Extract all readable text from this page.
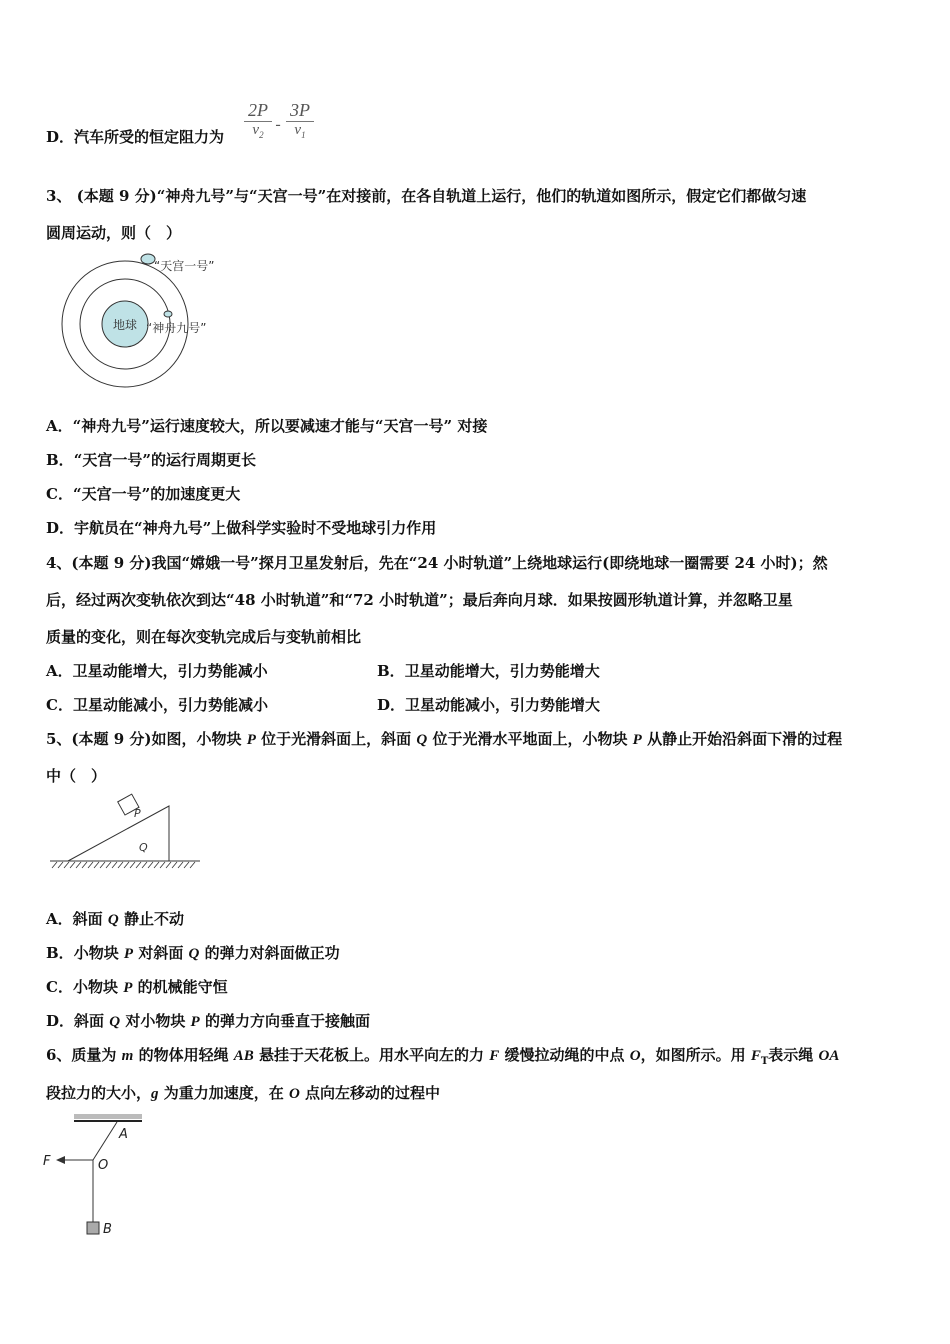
D．汽车所受的恒定阻力为
2P
$v_2$
-
3P
$v_1$
3、 (本题 9 分)“神舟九号”与“天宫一号”在对接前，在各自轨道上运行，他们的轨道如图所示，假定它们都做匀速
圆周运动，则（　）
地球
“天宫一号”
“神舟九号”
A．“神舟九号”运行速度较大，所以要减速才能与“天宫一号” 对接
B．“天宫一号”的运行周期更长
C．“天宫一号”的加速度更大
D．宇航员在“神舟九号”上做科学实验时不受地球引力作用
4、(本题 9 分)我国“嫦娥一号”探月卫星发射后，先在“24 小时轨道”上绕地球运行(即绕地球一圈需要 24 小时)；然
后，经过两次变轨依次到达“48 小时轨道”和“72 小时轨道”；最后奔向月球．如果按圆形轨道计算，并忽略卫星
质量的变化，则在每次变轨完成后与变轨前相比
A．卫星动能增大，引力势能减小	B．卫星动能增大，引力势能增大
C．卫星动能减小，引力势能减小	D．卫星动能减小，引力势能增大
5、(本题 9 分)如图，小物块 P 位于光滑斜面上，斜面 Q 位于光滑水平地面上，小物块 P 从静止开始沿斜面下滑的过程
中（　）
P
Q
A．斜面 Q 静止不动
B．小物块 P 对斜面 Q 的弹力对斜面做正功
C．小物块 P 的机械能守恒
D．斜面 Q 对小物块 P 的弹力方向垂直于接触面
6、质量为 m 的物体用轻绳 AB 悬挂于天花板上。用水平向左的力 F 缓慢拉动绳的中点 O，如图所示。用 $F_T$表示绳 OA
段拉力的大小，g 为重力加速度，在 O 点向左移动的过程中
A
F	O
B
